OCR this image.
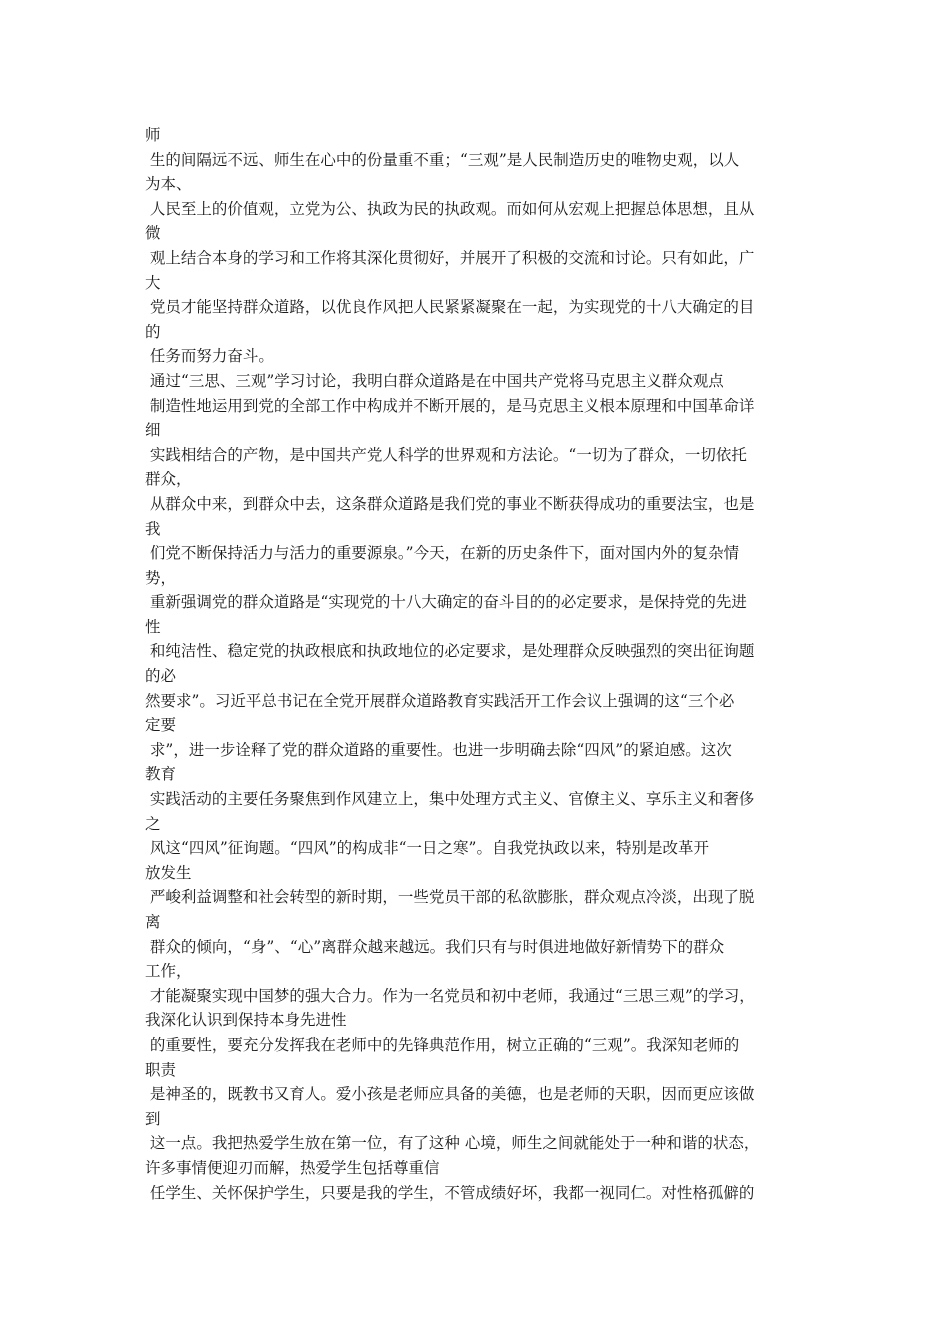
师
生的间隔远不远、师生在心中的份量重不重；“三观”是人民制造历史的唯物史观，以人
为本、
人民至上的价值观，立党为公、执政为民的执政观。而如何从宏观上把握总体思想，且从
微
观上结合本身的学习和工作将其深化贯彻好，并展开了积极的交流和讨论。只有如此，广
大
党员才能坚持群众道路，以优良作风把人民紧紧凝聚在一起，为实现党的十八大确定的目
的
任务而努力奋斗。
通过“三思、三观”学习讨论，我明白群众道路是在中国共产党将马克思主义群众观点
制造性地运用到党的全部工作中构成并不断开展的，是马克思主义根本原理和中国革命详
细
实践相结合的产物，是中国共产党人科学的世界观和方法论。“一切为了群众，一切依托
群众，
从群众中来，到群众中去，这条群众道路是我们党的事业不断获得成功的重要法宝，也是
我
们党不断保持活力与活力的重要源泉。”今天，在新的历史条件下，面对国内外的复杂情
势，
重新强调党的群众道路是“实现党的十八大确定的奋斗目的的必定要求，是保持党的先进
性
和纯洁性、稳定党的执政根底和执政地位的必定要求，是处理群众反映强烈的突出征询题
的必
然要求”。习近平总书记在全党开展群众道路教育实践活开工作会议上强调的这“三个必
定要
求”，进一步诠释了党的群众道路的重要性。也进一步明确去除“四风”的紧迫感。这次
教育
实践活动的主要任务聚焦到作风建立上，集中处理方式主义、官僚主义、享乐主义和奢侈
之
风这“四风”征询题。“四风”的构成非“一日之寒”。自我党执政以来，特别是改革开
放发生
严峻利益调整和社会转型的新时期，一些党员干部的私欲膨胀，群众观点冷淡，出现了脱
离
群众的倾向，“身”、“心”离群众越来越远。我们只有与时俱进地做好新情势下的群众
工作，
才能凝聚实现中国梦的强大合力。作为一名党员和初中老师，我通过“三思三观”的学习，
我深化认识到保持本身先进性
的重要性，要充分发挥我在老师中的先锋典范作用，树立正确的“三观”。我深知老师的
职责
是神圣的，既教书又育人。爱小孩是老师应具备的美德，也是老师的天职，因而更应该做
到
这一点。我把热爱学生放在第一位，有了这种 心境，师生之间就能处于一种和谐的状态，
许多事情便迎刃而解，热爱学生包括尊重信
任学生、关怀保护学生，只要是我的学生，不管成绩好坏，我都一视同仁。对性格孤僻的
